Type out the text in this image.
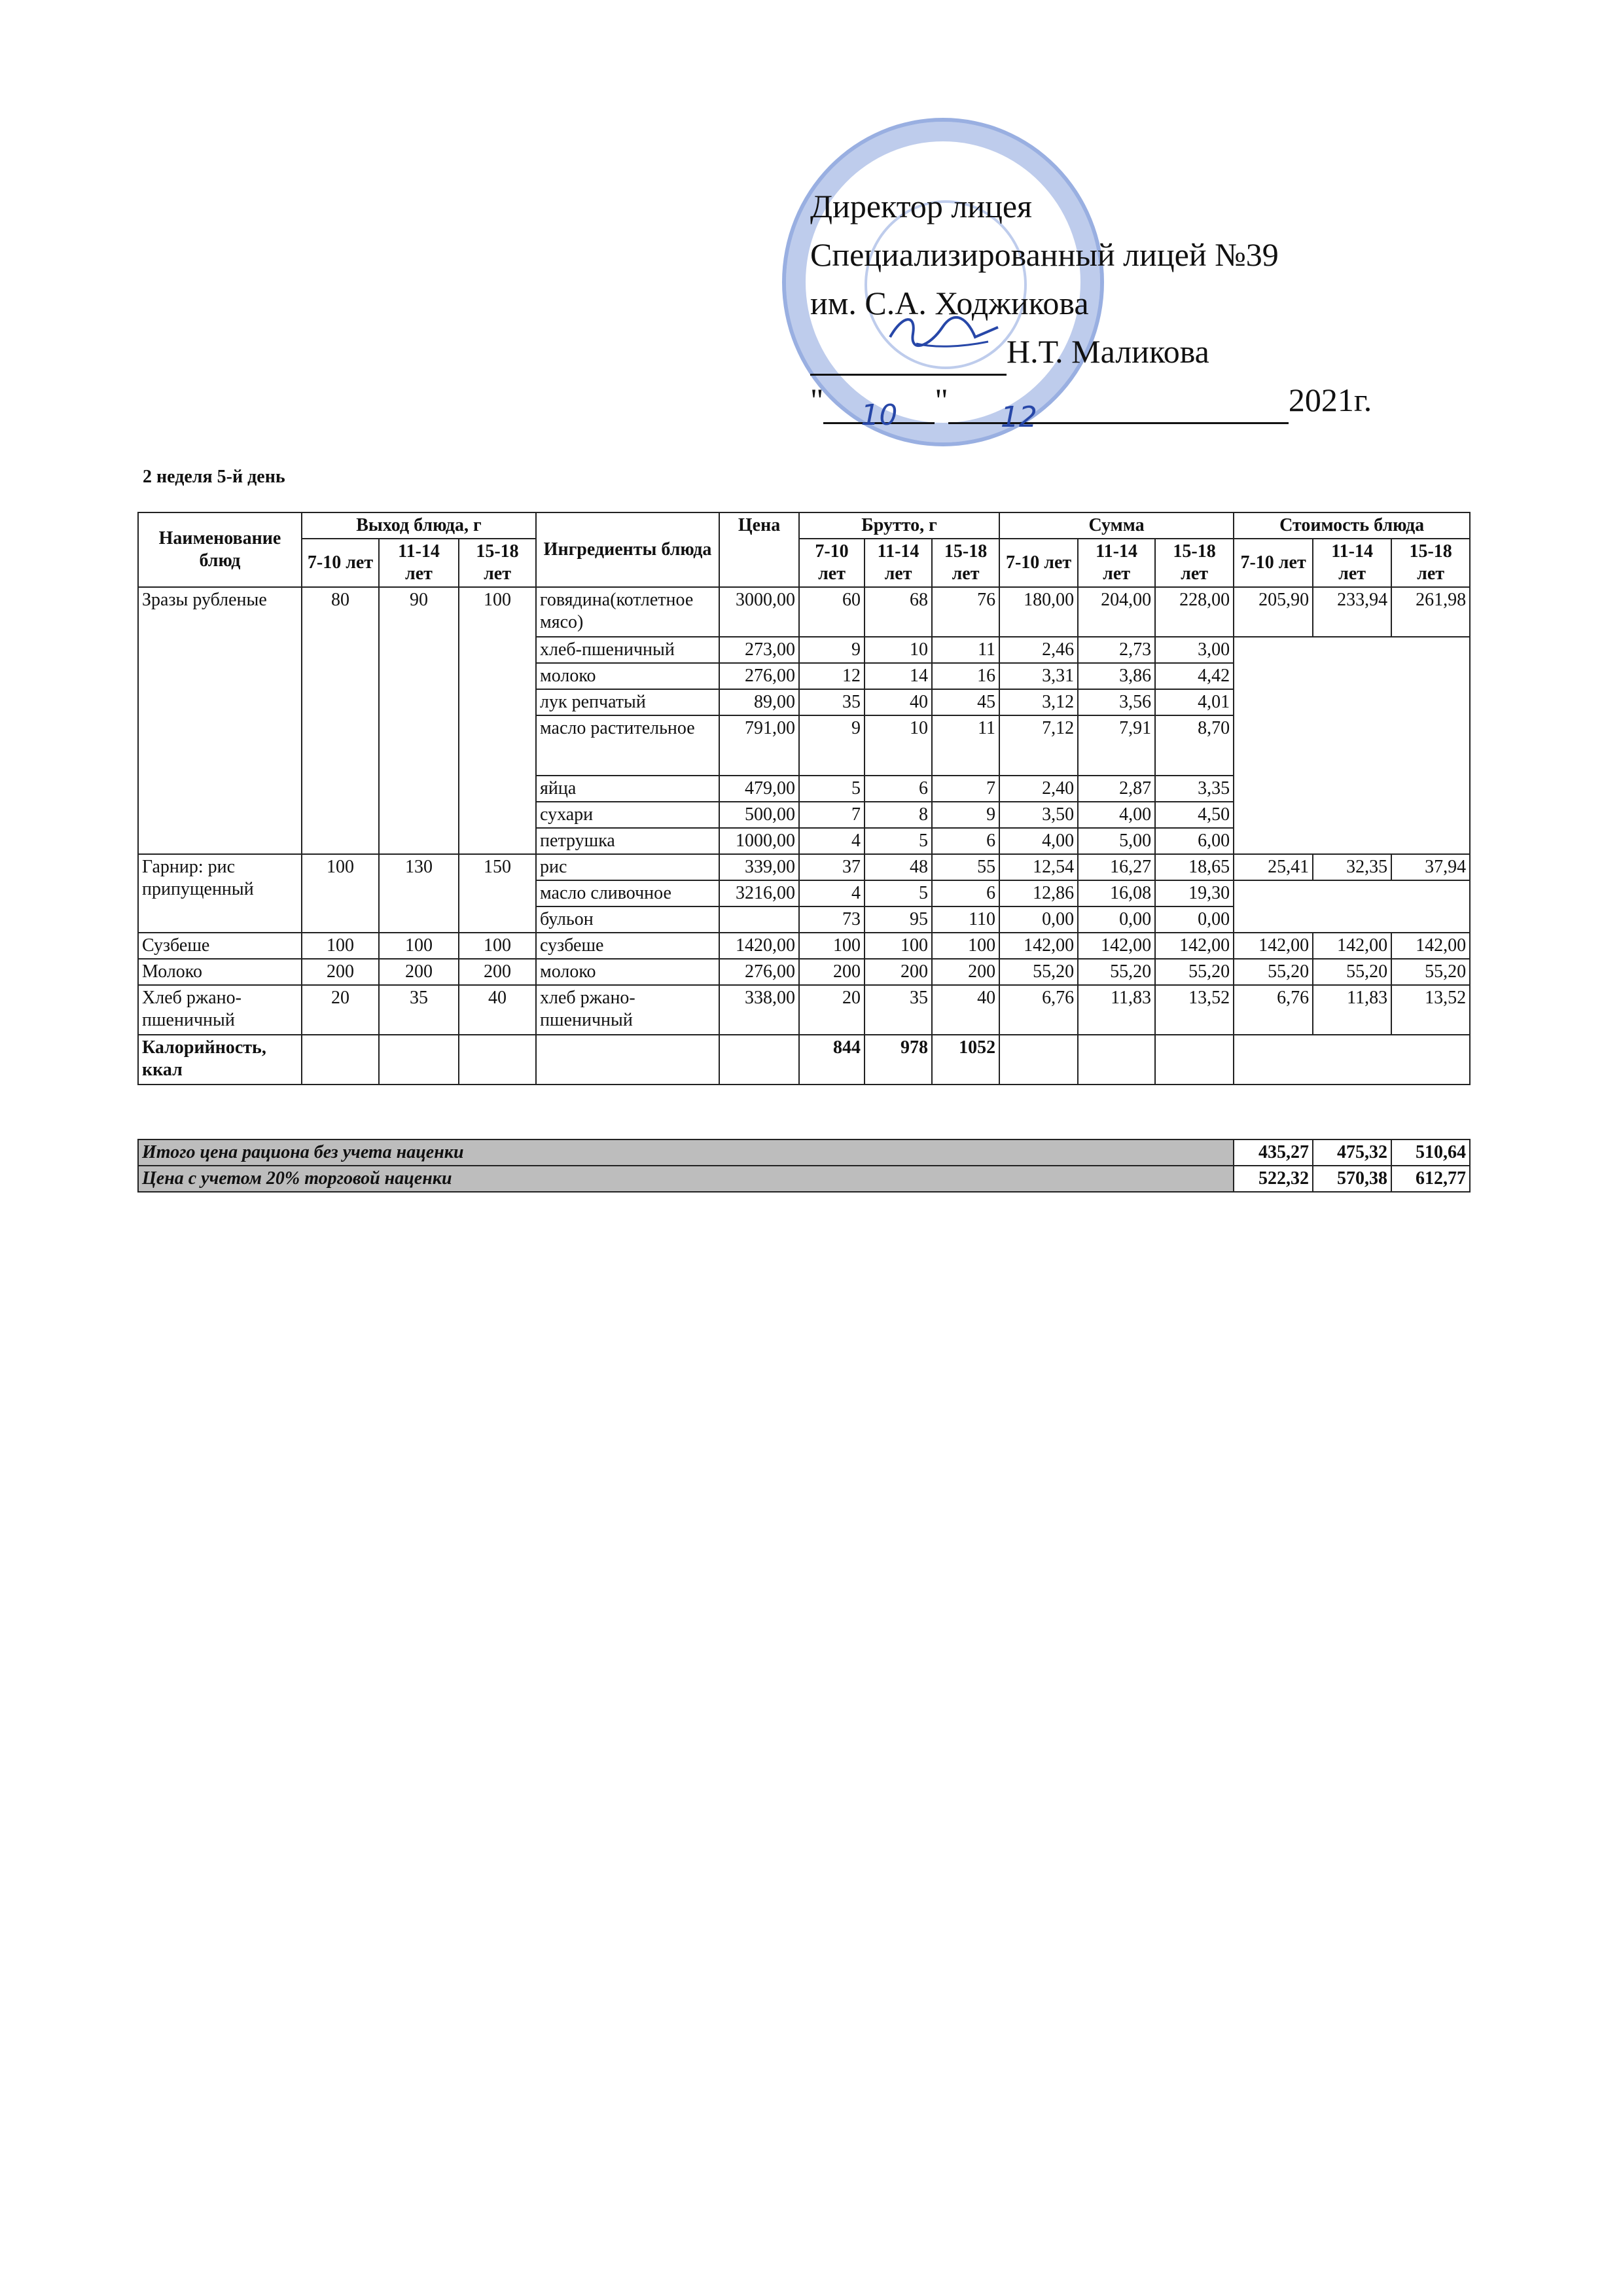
Директор лицея
Специализированный лицей №39
им. С.А. Ходжикова
Н.Т. Маликова
" 10 " 12	2021г.
2 неделя 5-й день
Наименование блюд	Выход блюда, г			Ингредиенты блюда	Цена	Брутто, г			Сумма			Стоимость блюда		
	7-10 лет	11-14 лет	15-18 лет			7-10 лет	11-14 лет	15-18 лет	7-10 лет	11-14 лет	15-18 лет	7-10 лет	11-14 лет	15-18 лет
Зразы рубленые	80	90	100	говядина(котлетное мясо)	3000,00	60	68	76	180,00	204,00	228,00	205,90	233,94	261,98
				хлеб-пшеничный	273,00	9	10	11	2,46	2,73	3,00			
				молоко	276,00	12	14	16	3,31	3,86	4,42			
				лук репчатый	89,00	35	40	45	3,12	3,56	4,01			
				масло растительное	791,00	9	10	11	7,12	7,91	8,70			
				яйца	479,00	5	6	7	2,40	2,87	3,35			
				сухари	500,00	7	8	9	3,50	4,00	4,50			
				петрушка	1000,00	4	5	6	4,00	5,00	6,00			
Гарнир: рис припущенный	100	130	150	рис	339,00	37	48	55	12,54	16,27	18,65	25,41	32,35	37,94
				масло сливочное	3216,00	4	5	6	12,86	16,08	19,30			
				бульон		73	95	110	0,00	0,00	0,00			
Сузбеше	100	100	100	сузбеше	1420,00	100	100	100	142,00	142,00	142,00	142,00	142,00	142,00
Молоко	200	200	200	молоко	276,00	200	200	200	55,20	55,20	55,20	55,20	55,20	55,20
Хлеб ржано-пшеничный	20	35	40	хлеб ржано-пшеничный	338,00	20	35	40	6,76	11,83	13,52	6,76	11,83	13,52
Калорийность, ккал						844	978	1052						
Итого цена рациона без учета наценки	435,27	475,32	510,64
Цена с учетом 20% торговой наценки	522,32	570,38	612,77
